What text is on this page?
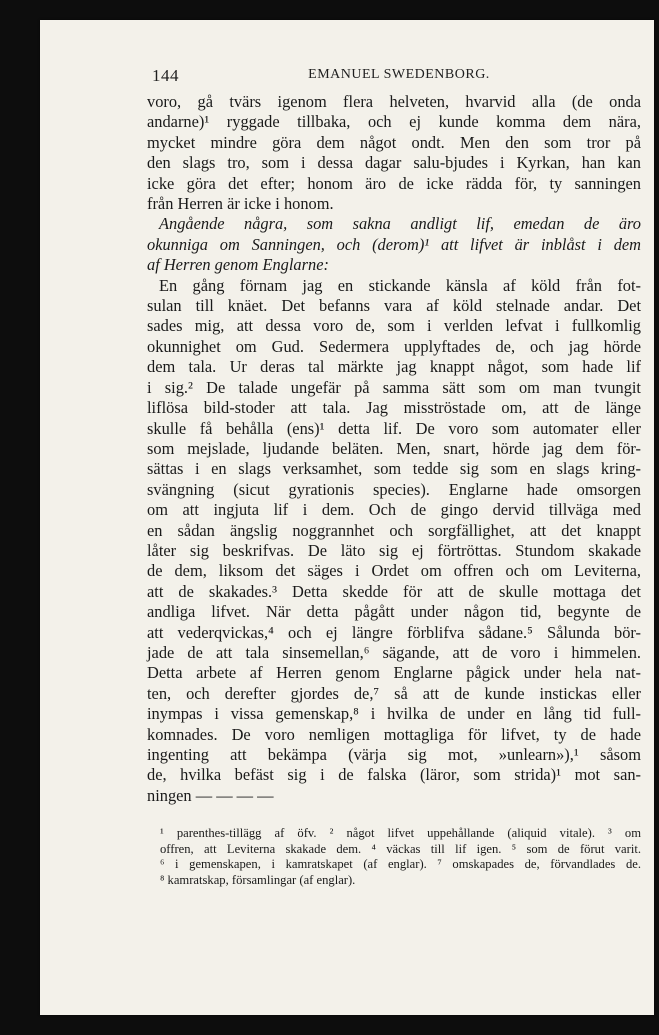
144	EMANUEL SWEDENBORG.
voro, gå tvärs igenom flera helveten, hvarvid alla (de onda
andarne)¹ ryggade tillbaka, och ej kunde komma dem nära,
mycket mindre göra dem något ondt. Men den som tror på
den slags tro, som i dessa dagar salu-bjudes i Kyrkan, han kan
icke göra det efter; honom äro de icke rädda för, ty sanningen
från Herren är icke i honom.
Angående några, som sakna andligt lif, emedan de äro
okunniga om Sanningen, och (derom)¹ att lifvet är inblåst i dem
af Herren genom Englarne:
En gång förnam jag en stickande känsla af köld från fot-
sulan till knäet. Det befanns vara af köld stelnade andar. Det
sades mig, att dessa voro de, som i verlden lefvat i fullkomlig
okunnighet om Gud. Sedermera upplyftades de, och jag hörde
dem tala. Ur deras tal märkte jag knappt något, som hade lif
i sig.² De talade ungefär på samma sätt som om man tvungit
liflösa bild-stoder att tala. Jag misströstade om, att de länge
skulle få behålla (ens)¹ detta lif. De voro som automater eller
som mejslade, ljudande beläten. Men, snart, hörde jag dem för-
sättas i en slags verksamhet, som tedde sig som en slags kring-
svängning (sicut gyrationis species). Englarne hade omsorgen
om att ingjuta lif i dem. Och de gingo dervid tillväga med
en sådan ängslig noggrannhet och sorgfällighet, att det knappt
låter sig beskrifvas. De läto sig ej förtröttas. Stundom skakade
de dem, liksom det säges i Ordet om offren och om Leviterna,
att de skakades.³ Detta skedde för att de skulle mottaga det
andliga lifvet. När detta pågått under någon tid, begynte de
att vederqvickas,⁴ och ej längre förblifva sådane.⁵ Sålunda bör-
jade de att tala sinsemellan,⁶ sägande, att de voro i himmelen.
Detta arbete af Herren genom Englarne pågick under hela nat-
ten, och derefter gjordes de,⁷ så att de kunde instickas eller
inympas i vissa gemenskap,⁸ i hvilka de under en lång tid full-
komnades. De voro nemligen mottagliga för lifvet, ty de hade
ingenting att bekämpa (värja sig mot, »unlearn»),¹ såsom
de, hvilka befäst sig i de falska (läror, som strida)¹ mot san-
ningen — — — —
¹ parenthes-tillägg af öfv. ² något lifvet uppehållande (aliquid vitale). ³ om
offren, att Leviterna skakade dem. ⁴ väckas till lif igen. ⁵ som de förut varit.
⁶ i gemenskapen, i kamratskapet (af englar). ⁷ omskapades de, förvandlades de.
⁸ kamratskap, församlingar (af englar).
